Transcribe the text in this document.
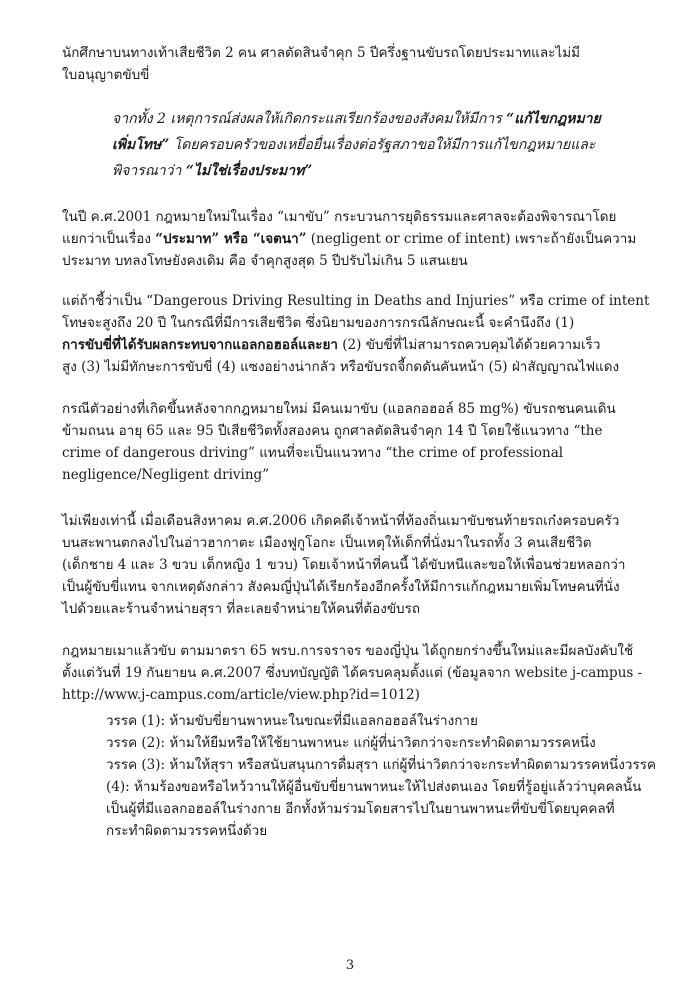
นักศึกษาบนทางเท้าเสียชีวิต 2 คน ศาลตัดสินจำคุก 5 ปีครึ่งฐานขับรถโดยประมาทและไม่มี
ใบอนุญาตขับขี่

จากทั้ง 2 เหตุการณ์ส่งผลให้เกิดกระแสเรียกร้องของสังคมให้มีการ “แก้ไขกฎหมาย
เพิ่มโทษ” โดยครอบครัวของเหยื่อยื่นเรื่องต่อรัฐสภาขอให้มีการแก้ไขกฎหมายและ
พิจารณาว่า “ไม่ใช่เรื่องประมาท”

ในปี ค.ศ.2001 กฎหมายใหม่ในเรื่อง “เมาขับ” กระบวนการยุติธรรมและศาลจะต้องพิจารณาโดย
แยกว่าเป็นเรื่อง “ประมาท” หรือ “เจตนา” (negligent or crime of intent) เพราะถ้ายังเป็นความ
ประมาท บทลงโทษยังคงเดิม คือ จำคุกสูงสุด 5 ปีปรับไม่เกิน 5 แสนเยน

แต่ถ้าชี้ว่าเป็น “Dangerous Driving Resulting in Deaths and Injuries” หรือ crime of intent
โทษจะสูงถึง 20 ปี ในกรณีที่มีการเสียชีวิต ซึ่งนิยามของการกรณีลักษณะนี้ จะคำนึงถึง (1)
การขับขี่ที่ได้รับผลกระทบจากแอลกอฮอล์และยา (2) ขับขี่ที่ไม่สามารถควบคุมได้ด้วยความเร็ว
สูง (3) ไม่มีทักษะการขับขี่ (4) แซงอย่างน่ากลัว หรือขับรถจี้กดดันคันหน้า (5) ฝ่าสัญญาณไฟแดง

กรณีตัวอย่างที่เกิดขึ้นหลังจากกฎหมายใหม่ มีคนเมาขับ (แอลกอฮอล์ 85 mg%) ขับรถชนคนเดิน
ข้ามถนน อายุ 65 และ 95 ปีเสียชีวิตทั้งสองคน ถูกศาลตัดสินจำคุก 14 ปี โดยใช้แนวทาง “the
crime of dangerous driving” แทนที่จะเป็นแนวทาง “the crime of professional
negligence/Negligent driving”

ไม่เพียงเท่านี้ เมื่อเดือนสิงหาคม ค.ศ.2006 เกิดคดีเจ้าหน้าที่ท้องถิ่นเมาขับชนท้ายรถเก๋งครอบครัว
บนสะพานตกลงไปในอ่าวฮากาตะ เมืองฟูกูโอกะ เป็นเหตุให้เด็กที่นั่งมาในรถทั้ง 3 คนเสียชีวิต
(เด็กชาย 4 และ 3 ขวบ เด็กหญิง 1 ขวบ) โดยเจ้าหน้าที่คนนี้ ได้ขับหนีและขอให้เพื่อนช่วยหลอกว่า
เป็นผู้ขับขี่แทน จากเหตุดังกล่าว สังคมญี่ปุ่นได้เรียกร้องอีกครั้งให้มีการแก้กฎหมายเพิ่มโทษคนที่นั่ง
ไปด้วยและร้านจำหน่ายสุรา ที่ละเลยจำหน่ายให้คนที่ต้องขับรถ

กฎหมายเมาแล้วขับ ตามมาตรา 65 พรบ.การจราจร ของญี่ปุ่น ได้ถูกยกร่างขึ้นใหม่และมีผลบังคับใช้
ตั้งแต่วันที่ 19 กันยายน ค.ศ.2007 ซึ่งบทบัญญัติ ได้ครบคลุมตั้งแต่ (ข้อมูลจาก website j-campus -
http://www.j-campus.com/article/view.php?id=1012)

วรรค (1): ห้ามขับขี่ยานพาหนะในขณะที่มีแอลกอฮอล์ในร่างกาย
วรรค (2): ห้ามให้ยืมหรือให้ใช้ยานพาหนะ แก่ผู้ที่น่าวิตกว่าจะกระทำผิดตามวรรคหนึ่ง
วรรค (3): ห้ามให้สุรา หรือสนับสนุนการดื่มสุรา แก่ผู้ที่น่าวิตกว่าจะกระทำผิดตามวรรคหนึ่งวรรค
(4): ห้ามร้องขอหรือไหว้วานให้ผู้อื่นขับขี่ยานพาหนะให้ไปส่งตนเอง โดยที่รู้อยู่แล้วว่าบุคคลนั้น
เป็นผู้ที่มีแอลกอฮอล์ในร่างกาย อีกทั้งห้ามร่วมโดยสารไปในยานพาหนะที่ขับขี่โดยบุคคลที่
กระทำผิดตามวรรคหนึ่งด้วย

3
